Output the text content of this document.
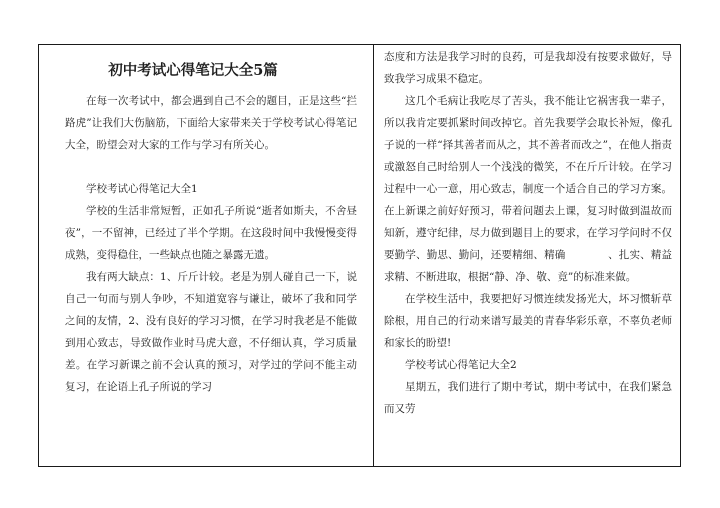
初中考试心得笔记大全5篇

在每一次考试中，都会遇到自己不会的题目，正是这些“拦路虎”让我们大伤脑筋，下面给大家带来关于学校考试心得笔记大全，盼望会对大家的工作与学习有所关心。

学校考试心得笔记大全1

学校的生活非常短暂，正如孔子所说“逝者如斯夫，不舍昼夜”，一不留神，已经过了半个学期。在这段时间中我慢慢变得成熟，变得稳住，一些缺点也随之暴露无遗。

我有两大缺点：1、斤斤计较。老是为别人碰自己一下，说自己一句而与别人争吵，不知道宽容与谦让，破坏了我和同学之间的友情，2、没有良好的学习习惯，在学习时我老是不能做到用心致志，导致做作业时马虎大意，不仔细认真，学习质量差。在学习新课之前不会认真的预习，对学过的学问不能主动复习，在论语上孔子所说的学习

态度和方法是我学习时的良药，可是我却没有按要求做好，导致我学习成果不稳定。

这几个毛病让我吃尽了苦头，我不能让它祸害我一辈子，所以我肯定要抓紧时间改掉它。首先我要学会取长补短，像孔子说的一样“择其善者而从之，其不善者而改之”，在他人指责或激怒自己时给别人一个浅浅的微笑，不在斤斤计较。在学习过程中一心一意，用心致志，制度一个适合自己的学习方案。在上新课之前好好预习，带着问题去上课，复习时做到温故而知新，遵守纪律，尽力做到题目上的要求，在学习学问时不仅要勤学、勤思、勤问，还要精细、精确　　　　、扎实、精益求精、不断进取，根据“静、净、敬、竟”的标准来做。

在学校生活中，我要把好习惯连续发扬光大，坏习惯斩草除根，用自己的行动来谱写最美的青春华彩乐章，不辜负老师和家长的盼望!

学校考试心得笔记大全2

星期五，我们进行了期中考试，期中考试中，在我们紧急而又劳
